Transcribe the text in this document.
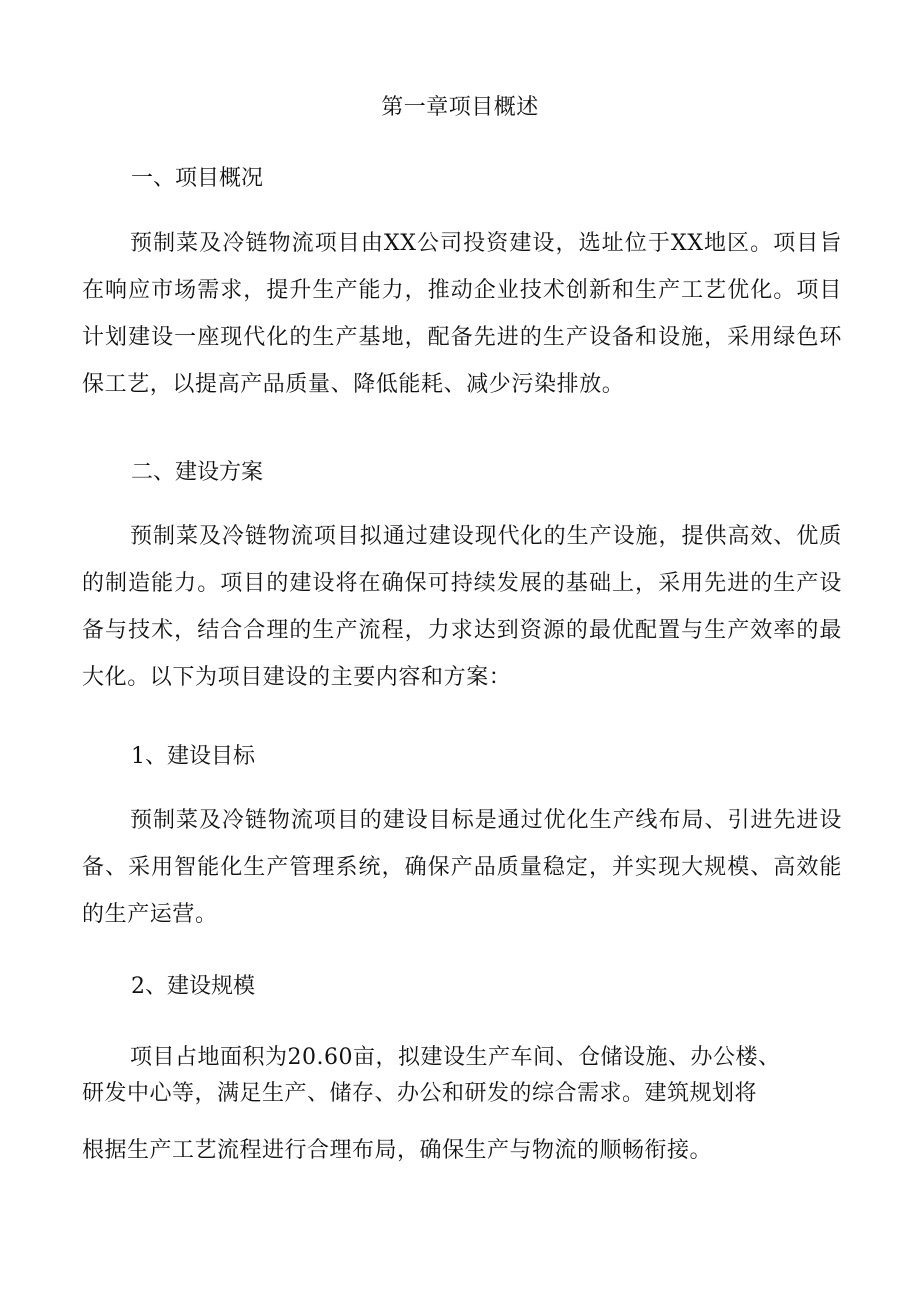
第一章项目概述
一、项目概况

预制菜及冷链物流项目由XX公司投资建设，选址位于XX地区。项目旨在响应市场需求，提升生产能力，推动企业技术创新和生产工艺优化。项目计划建设一座现代化的生产基地，配备先进的生产设备和设施，采用绿色环保工艺，以提高产品质量、降低能耗、减少污染排放。

二、建设方案

预制菜及冷链物流项目拟通过建设现代化的生产设施，提供高效、优质的制造能力。项目的建设将在确保可持续发展的基础上，采用先进的生产设备与技术，结合合理的生产流程，力求达到资源的最优配置与生产效率的最大化。以下为项目建设的主要内容和方案：

1、建设目标

预制菜及冷链物流项目的建设目标是通过优化生产线布局、引进先进设备、采用智能化生产管理系统，确保产品质量稳定，并实现大规模、高效能的生产运营。

2、建设规模
项目占地面积为20.60亩，拟建设生产车间、仓储设施、办公楼、
研发中心等，满足生产、储存、办公和研发的综合需求。建筑规划将
根据生产工艺流程进行合理布局，确保生产与物流的顺畅衔接。
